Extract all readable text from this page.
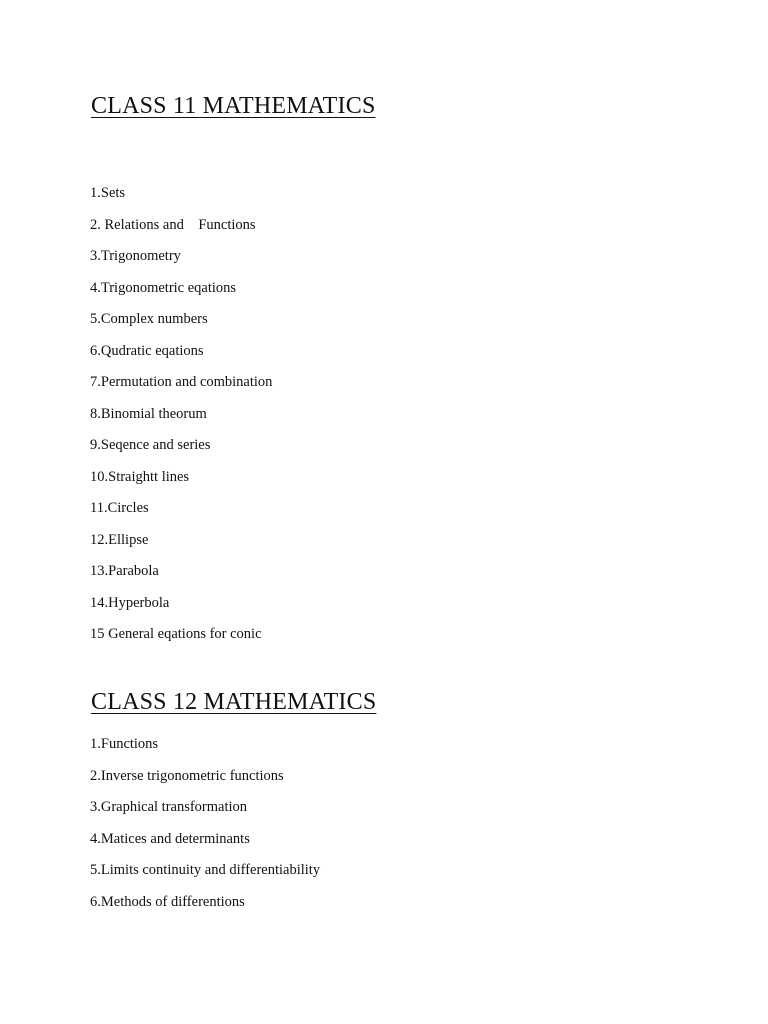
CLASS 11 MATHEMATICS
1.Sets
2. Relations and    Functions
3.Trigonometry
4.Trigonometric eqations
5.Complex numbers
6.Qudratic eqations
7.Permutation and combination
8.Binomial theorum
9.Seqence and series
10.Straightt lines
11.Circles
12.Ellipse
13.Parabola
14.Hyperbola
15 General eqations for conic
CLASS 12 MATHEMATICS
1.Functions
2.Inverse trigonometric functions
3.Graphical transformation
4.Matices and determinants
5.Limits continuity and differentiability
6.Methods of differentions
